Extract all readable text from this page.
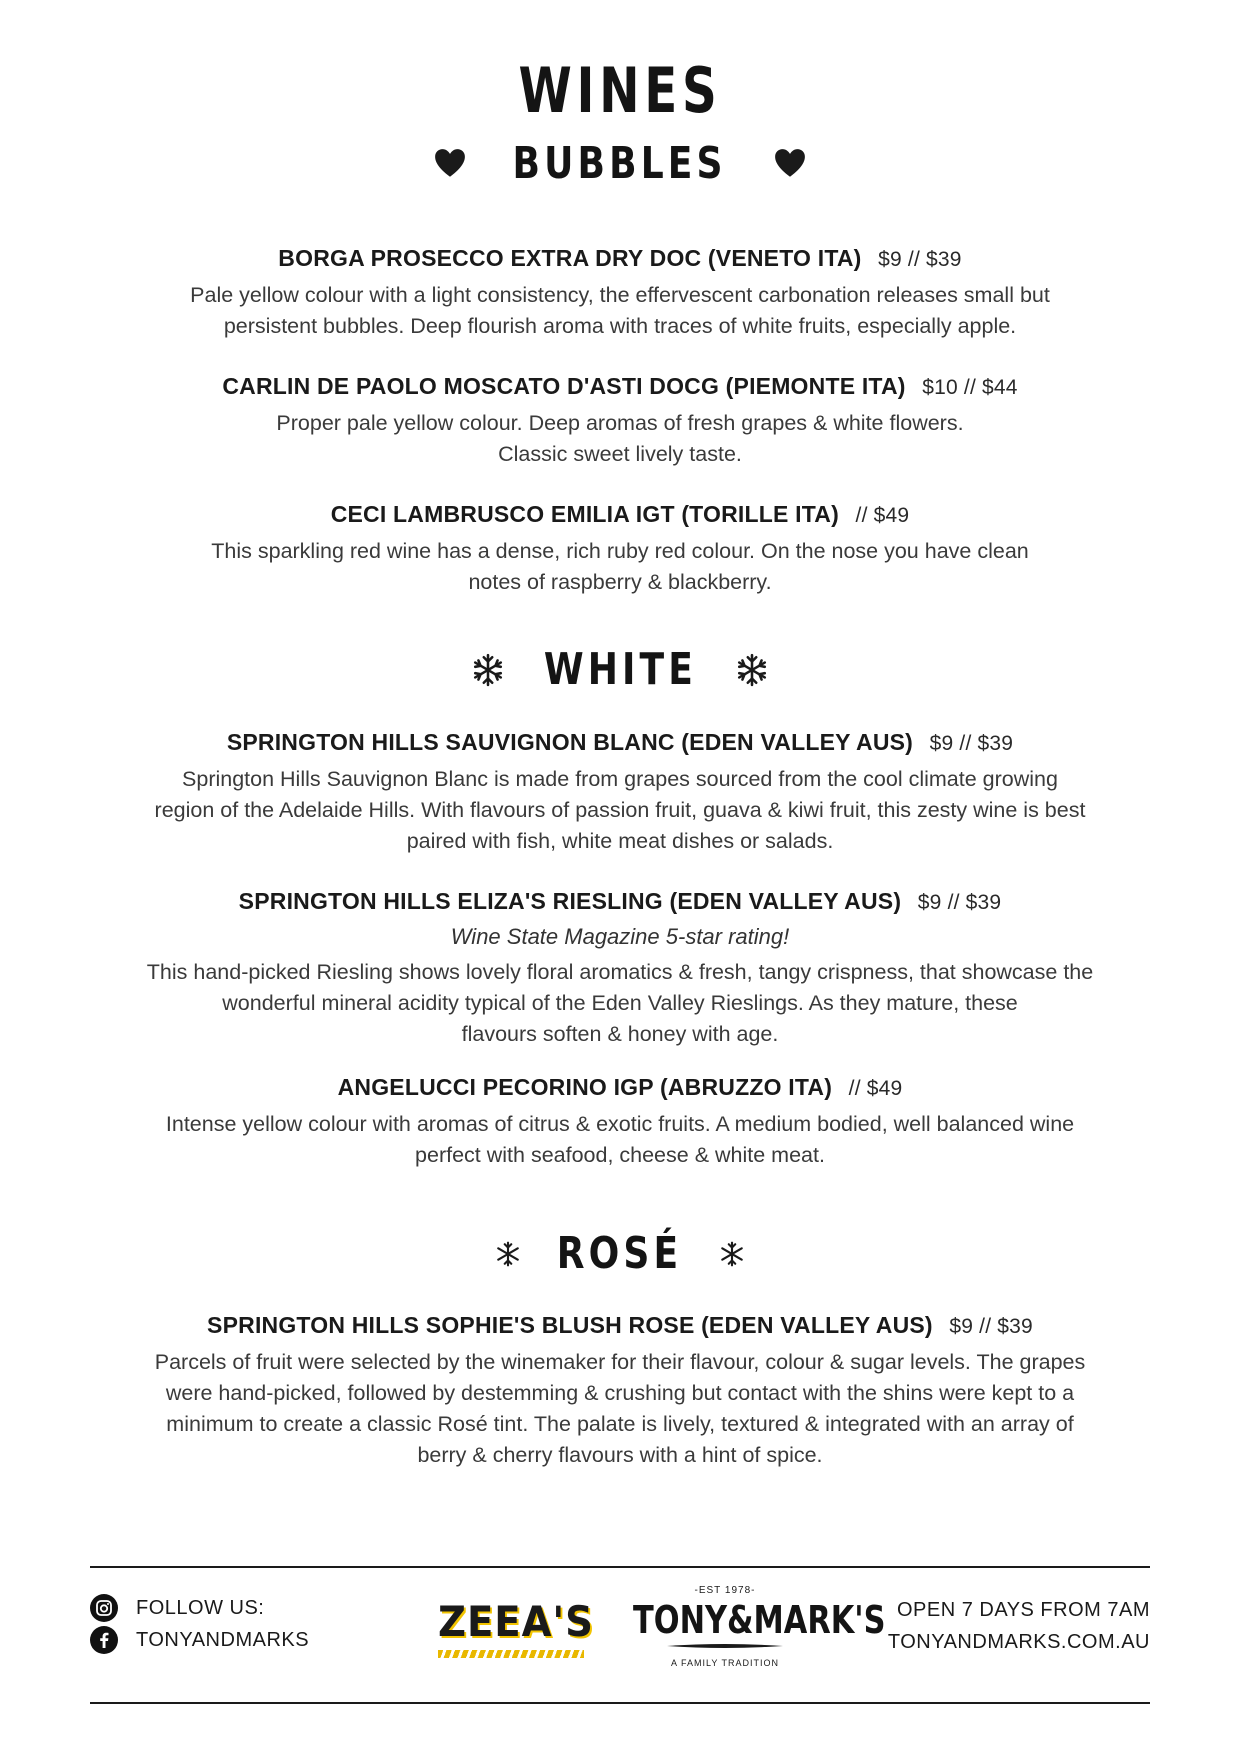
WINES
BUBBLES
BORGA PROSECCO EXTRA DRY DOC (VENETO ITA) $9 // $39
Pale yellow colour with a light consistency, the effervescent carbonation releases small but
persistent bubbles. Deep flourish aroma with traces of white fruits, especially apple.
CARLIN DE PAOLO MOSCATO D'ASTI DOCG (PIEMONTE ITA) $10 // $44
Proper pale yellow colour. Deep aromas of fresh grapes & white flowers.
Classic sweet lively taste.
CECI LAMBRUSCO EMILIA IGT (TORILLE ITA) // $49
This sparkling red wine has a dense, rich ruby red colour. On the nose you have clean
notes of raspberry & blackberry.
WHITE
SPRINGTON HILLS SAUVIGNON BLANC (EDEN VALLEY AUS) $9 // $39
Springton Hills Sauvignon Blanc is made from grapes sourced from the cool climate growing
region of the Adelaide Hills. With flavours of passion fruit, guava & kiwi fruit, this zesty wine is best
paired with fish, white meat dishes or salads.
SPRINGTON HILLS ELIZA'S RIESLING (EDEN VALLEY AUS) $9 // $39
Wine State Magazine 5-star rating!
This hand-picked Riesling shows lovely floral aromatics & fresh, tangy crispness, that showcase the
wonderful mineral acidity typical of the Eden Valley Rieslings. As they mature, these
flavours soften & honey with age.
ANGELUCCI PECORINO IGP (ABRUZZO ITA) // $49
Intense yellow colour with aromas of citrus & exotic fruits. A medium bodied, well balanced wine
perfect with seafood, cheese & white meat.
ROSÉ
SPRINGTON HILLS SOPHIE'S BLUSH ROSE (EDEN VALLEY AUS) $9 // $39
Parcels of fruit were selected by the winemaker for their flavour, colour & sugar levels. The grapes
were hand-picked, followed by destemming & crushing but contact with the shins were kept to a
minimum to create a classic Rosé tint. The palate is lively, textured & integrated with an array of
berry & cherry flavours with a hint of spice.
FOLLOW US:
TONYANDMARKS	ZEEA'S
-EST 1978-
TONY&MARK'S
A FAMILY TRADITION
OPEN 7 DAYS FROM 7AM
TONYANDMARKS.COM.AU
